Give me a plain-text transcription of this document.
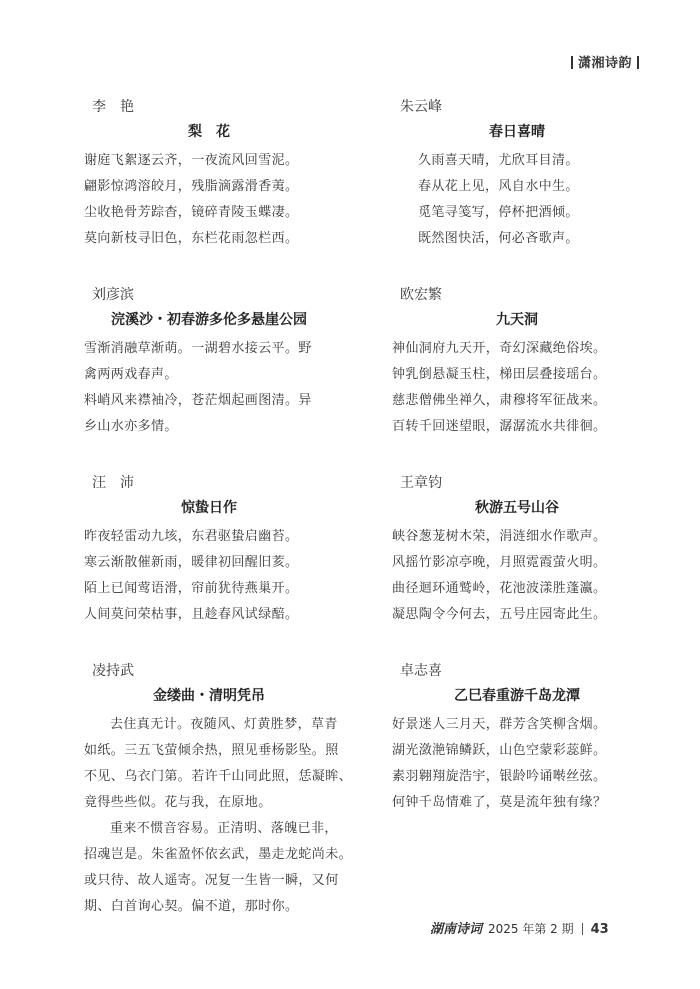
潇湘诗韵
李　艳
梨　花
谢庭飞絮逐云齐，一夜流风回雪泥。
翩影惊鸿溶皎月，残脂滴露滑香荑。
尘收艳骨芳踪杳，镜碎青陵玉蝶凄。
莫向新枝寻旧色，东栏花雨忽栏西。
刘彦滨
浣溪沙・初春游多伦多悬崖公园
雪渐消融草渐萌。一湖碧水接云平。野
禽两两戏春声。
料峭风来襟袖冷，苍茫烟起画图清。异
乡山水亦多情。
汪　沛
惊蛰日作
昨夜轻雷动九垓，东君驱蛰启幽苔。
寒云渐散催新雨，暖律初回醒旧荄。
陌上已闻莺语滑，帘前犹待燕巢开。
人间莫问荣枯事，且趁春风试绿醅。
凌持武
金缕曲・清明凭吊
去住真无计。夜随风、灯黄胜梦，草青
如纸。三五飞萤倾余热，照见垂杨影坠。照
不见、乌衣门第。若许千山同此照，恁凝眸、
竟得些些似。花与我，在原地。
重来不惯音容易。正清明、落魄已非，
招魂岂是。朱雀盈怀依玄武，墨走龙蛇尚未。
或只待、故人遥寄。况复一生皆一瞬，又何
期、白首询心契。偏不道，那时你。
朱云峰
春日喜晴
久雨喜天晴，尤欣耳目清。
春从花上见，风自水中生。
觅笔寻笺写，停杯把酒倾。
既然图快活，何必吝歌声。
欧宏繁
九天洞
神仙洞府九天开，奇幻深藏绝俗埃。
钟乳倒悬凝玉柱，梯田层叠接瑶台。
慈悲僧佛坐禅久，肃穆将军征战来。
百转千回迷望眼，潺潺流水共徘徊。
王章钧
秋游五号山谷
峡谷葱茏树木荣，涓涟细水作歌声。
风摇竹影凉亭晚，月照霓霞萤火明。
曲径迴环通鹫岭，花池波漾胜蓬瀛。
凝思陶令今何去，五号庄园寄此生。
卓志喜
乙巳春重游千岛龙潭
好景迷人三月天，群芳含笑柳含烟。
湖光潋滟锦鳞跃，山色空蒙彩蕊鲜。
素羽翱翔旋浩宇，银龄吟诵啭丝弦。
何钟千岛情难了，莫是流年独有缘？
湖南诗词 2025 年第 2 期 43
